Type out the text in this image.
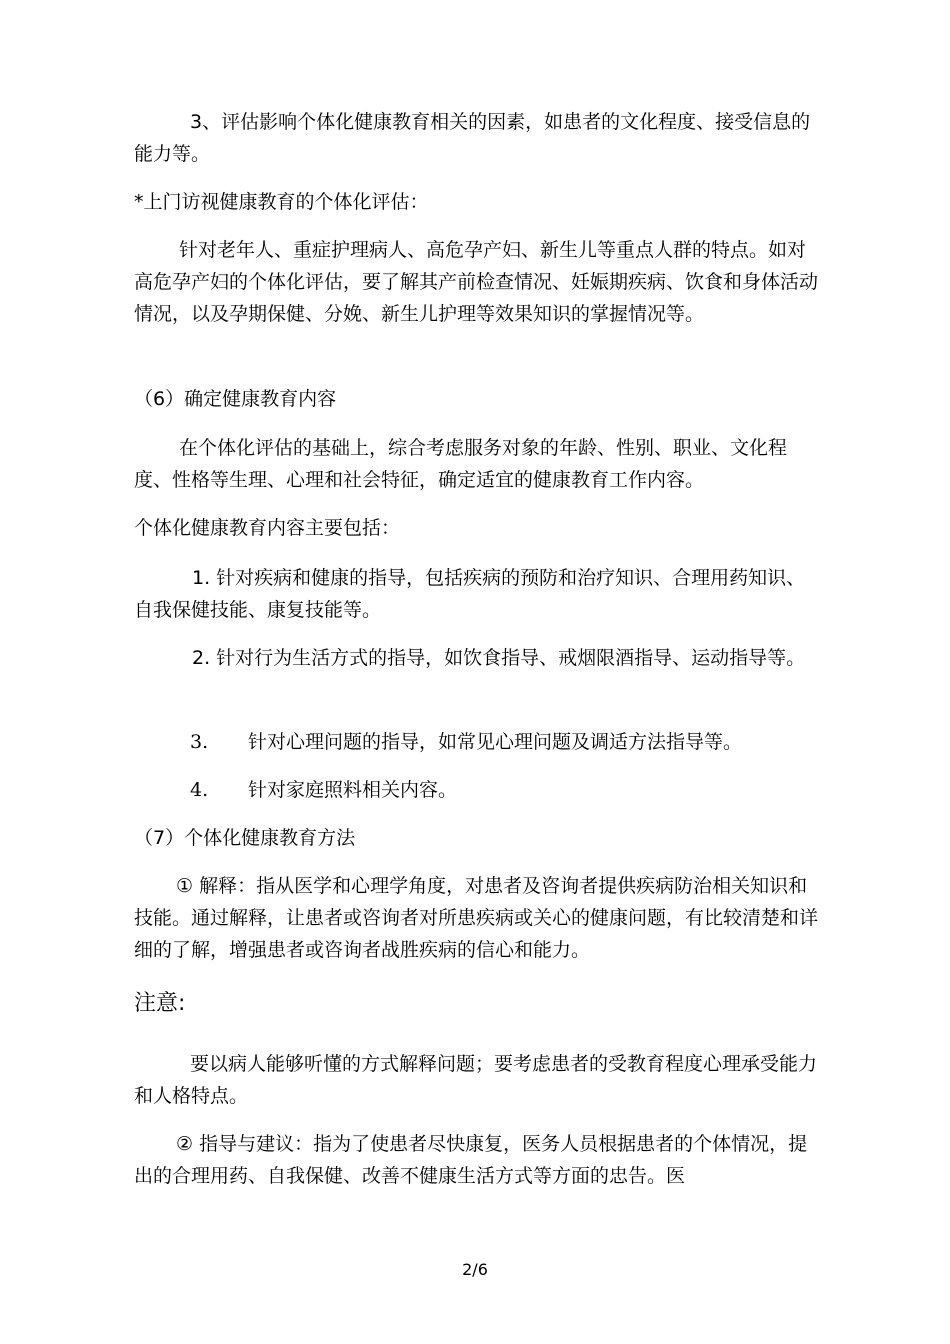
3、评估影响个体化健康教育相关的因素，如患者的文化程度、接受信息的能力等。
*上门访视健康教育的个体化评估：
针对老年人、重症护理病人、高危孕产妇、新生儿等重点人群的特点。如对高危孕产妇的个体化评估，要了解其产前检查情况、妊娠期疾病、饮食和身体活动情况，以及孕期保健、分娩、新生儿护理等效果知识的掌握情况等。
（6）确定健康教育内容
在个体化评估的基础上，综合考虑服务对象的年龄、性别、职业、文化程度、性格等生理、心理和社会特征，确定适宜的健康教育工作内容。
个体化健康教育内容主要包括：
1. 针对疾病和健康的指导，包括疾病的预防和治疗知识、合理用药知识、自我保健技能、康复技能等。
2. 针对行为生活方式的指导，如饮食指导、戒烟限酒指导、运动指导等。
3. 针对心理问题的指导，如常见心理问题及调适方法指导等。
4. 针对家庭照料相关内容。
（7）个体化健康教育方法
① 解释：指从医学和心理学角度，对患者及咨询者提供疾病防治相关知识和技能。通过解释，让患者或咨询者对所患疾病或关心的健康问题，有比较清楚和详细的了解，增强患者或咨询者战胜疾病的信心和能力。
注意:
要以病人能够听懂的方式解释问题；要考虑患者的受教育程度心理承受能力和人格特点。
② 指导与建议：指为了使患者尽快康复，医务人员根据患者的个体情况，提出的合理用药、自我保健、改善不健康生活方式等方面的忠告。医
2/6
